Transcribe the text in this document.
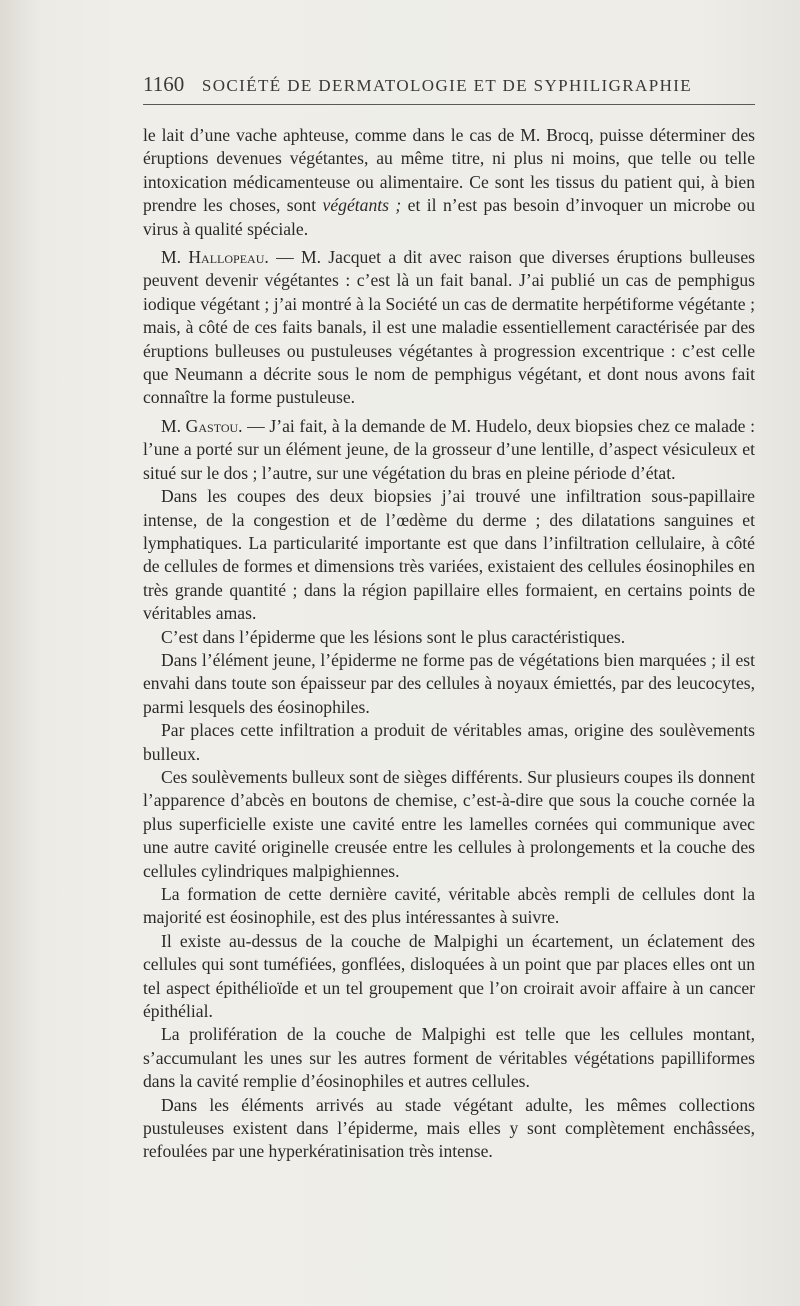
1160 SOCIÉTÉ DE DERMATOLOGIE ET DE SYPHILIGRAPHIE

le lait d’une vache aphteuse, comme dans le cas de M. Brocq, puisse déterminer des éruptions devenues végétantes, au même titre, ni plus ni moins, que telle ou telle intoxication médicamenteuse ou alimentaire. Ce sont les tissus du patient qui, à bien prendre les choses, sont végétants ; et il n’est pas besoin d’invoquer un microbe ou virus à qualité spéciale.

M. Hallopeau. — M. Jacquet a dit avec raison que diverses éruptions bulleuses peuvent devenir végétantes : c’est là un fait banal. J’ai publié un cas de pemphigus iodique végétant ; j’ai montré à la Société un cas de dermatite herpétiforme végétante ; mais, à côté de ces faits banals, il est une maladie essentiellement caractérisée par des éruptions bulleuses ou pustuleuses végétantes à progression excentrique : c’est celle que Neumann a décrite sous le nom de pemphigus végétant, et dont nous avons fait connaître la forme pustuleuse.

M. Gastou. — J’ai fait, à la demande de M. Hudelo, deux biopsies chez ce malade : l’une a porté sur un élément jeune, de la grosseur d’une lentille, d’aspect vésiculeux et situé sur le dos ; l’autre, sur une végétation du bras en pleine période d’état.

Dans les coupes des deux biopsies j’ai trouvé une infiltration sous-papillaire intense, de la congestion et de l’œdème du derme ; des dilatations sanguines et lymphatiques. La particularité importante est que dans l’infiltration cellulaire, à côté de cellules de formes et dimensions très variées, existaient des cellules éosinophiles en très grande quantité ; dans la région papillaire elles formaient, en certains points de véritables amas.

C’est dans l’épiderme que les lésions sont le plus caractéristiques.

Dans l’élément jeune, l’épiderme ne forme pas de végétations bien marquées ; il est envahi dans toute son épaisseur par des cellules à noyaux émiettés, par des leucocytes, parmi lesquels des éosinophiles.

Par places cette infiltration a produit de véritables amas, origine des soulèvements bulleux.

Ces soulèvements bulleux sont de sièges différents. Sur plusieurs coupes ils donnent l’apparence d’abcès en boutons de chemise, c’est-à-dire que sous la couche cornée la plus superficielle existe une cavité entre les lamelles cornées qui communique avec une autre cavité originelle creusée entre les cellules à prolongements et la couche des cellules cylindriques malpighiennes.

La formation de cette dernière cavité, véritable abcès rempli de cellules dont la majorité est éosinophile, est des plus intéressantes à suivre.

Il existe au-dessus de la couche de Malpighi un écartement, un éclatement des cellules qui sont tuméfiées, gonflées, disloquées à un point que par places elles ont un tel aspect épithélioïde et un tel groupement que l’on croirait avoir affaire à un cancer épithélial.

La prolifération de la couche de Malpighi est telle que les cellules montant, s’accumulant les unes sur les autres forment de véritables végétations papilliformes dans la cavité remplie d’éosinophiles et autres cellules.

Dans les éléments arrivés au stade végétant adulte, les mêmes collections pustuleuses existent dans l’épiderme, mais elles y sont complètement enchâssées, refoulées par une hyperkératinisation très intense.
